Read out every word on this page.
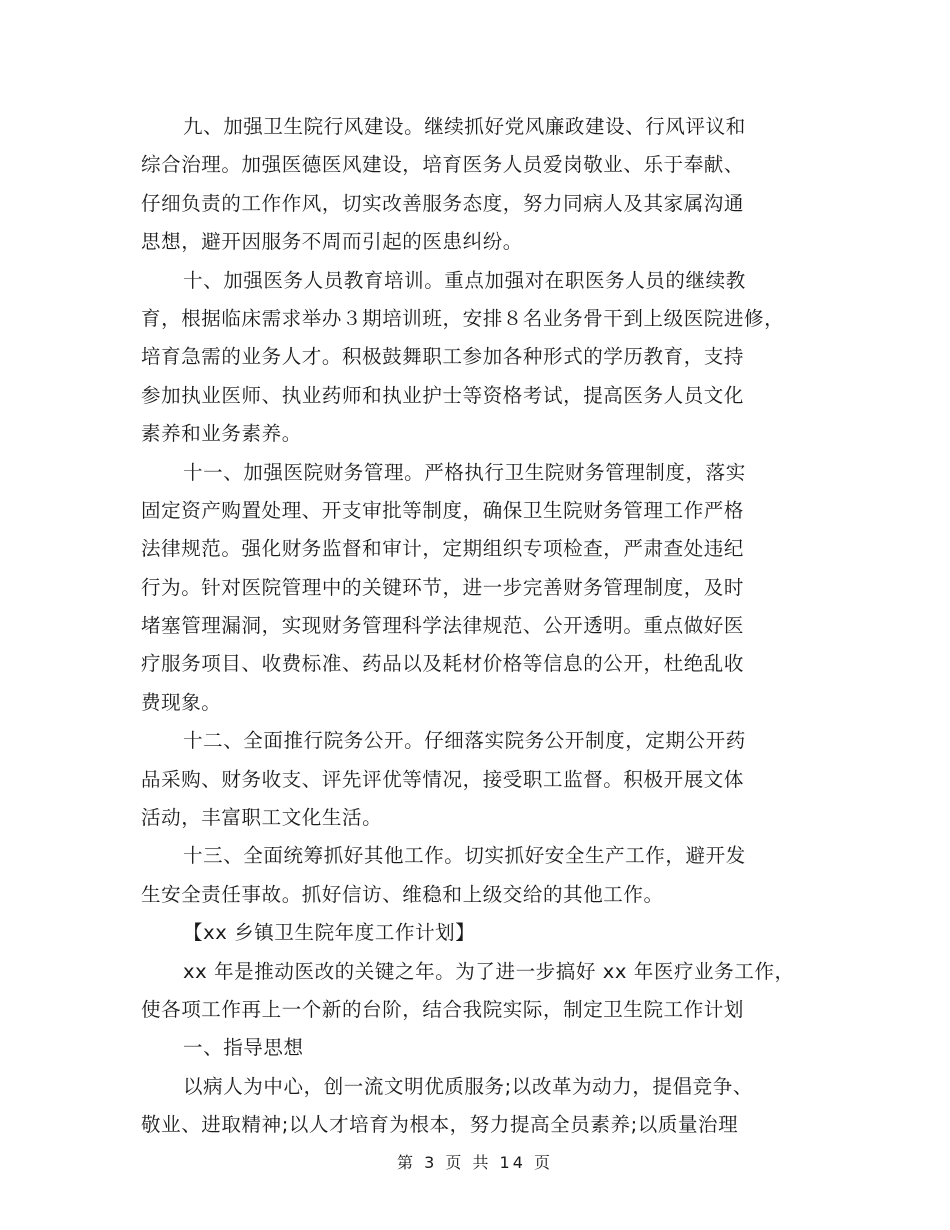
九、加强卫生院行风建设。继续抓好党风廉政建设、行风评议和
综合治理。加强医德医风建设，培育医务人员爱岗敬业、乐于奉献、
仔细负责的工作作风，切实改善服务态度，努力同病人及其家属沟通
思想，避开因服务不周而引起的医患纠纷。
十、加强医务人员教育培训。重点加强对在职医务人员的继续教
育，根据临床需求举办３期培训班，安排８名业务骨干到上级医院进修，
培育急需的业务人才。积极鼓舞职工参加各种形式的学历教育，支持
参加执业医师、执业药师和执业护士等资格考试，提高医务人员文化
素养和业务素养。
十一、加强医院财务管理。严格执行卫生院财务管理制度，落实
固定资产购置处理、开支审批等制度，确保卫生院财务管理工作严格
法律规范。强化财务监督和审计，定期组织专项检查，严肃查处违纪
行为。针对医院管理中的关键环节，进一步完善财务管理制度，及时
堵塞管理漏洞，实现财务管理科学法律规范、公开透明。重点做好医
疗服务项目、收费标准、药品以及耗材价格等信息的公开，杜绝乱收
费现象。
十二、全面推行院务公开。仔细落实院务公开制度，定期公开药
品采购、财务收支、评先评优等情况，接受职工监督。积极开展文体
活动，丰富职工文化生活。
十三、全面统筹抓好其他工作。切实抓好安全生产工作，避开发
生安全责任事故。抓好信访、维稳和上级交给的其他工作。
【xx 乡镇卫生院年度工作计划】
xx 年是推动医改的关键之年。为了进一步搞好 xx 年医疗业务工作，
使各项工作再上一个新的台阶，结合我院实际，制定卫生院工作计划
一、指导思想
以病人为中心，创一流文明优质服务;以改革为动力，提倡竞争、
敬业、进取精神;以人才培育为根本，努力提高全员素养;以质量治理
第 3 页 共 14 页
